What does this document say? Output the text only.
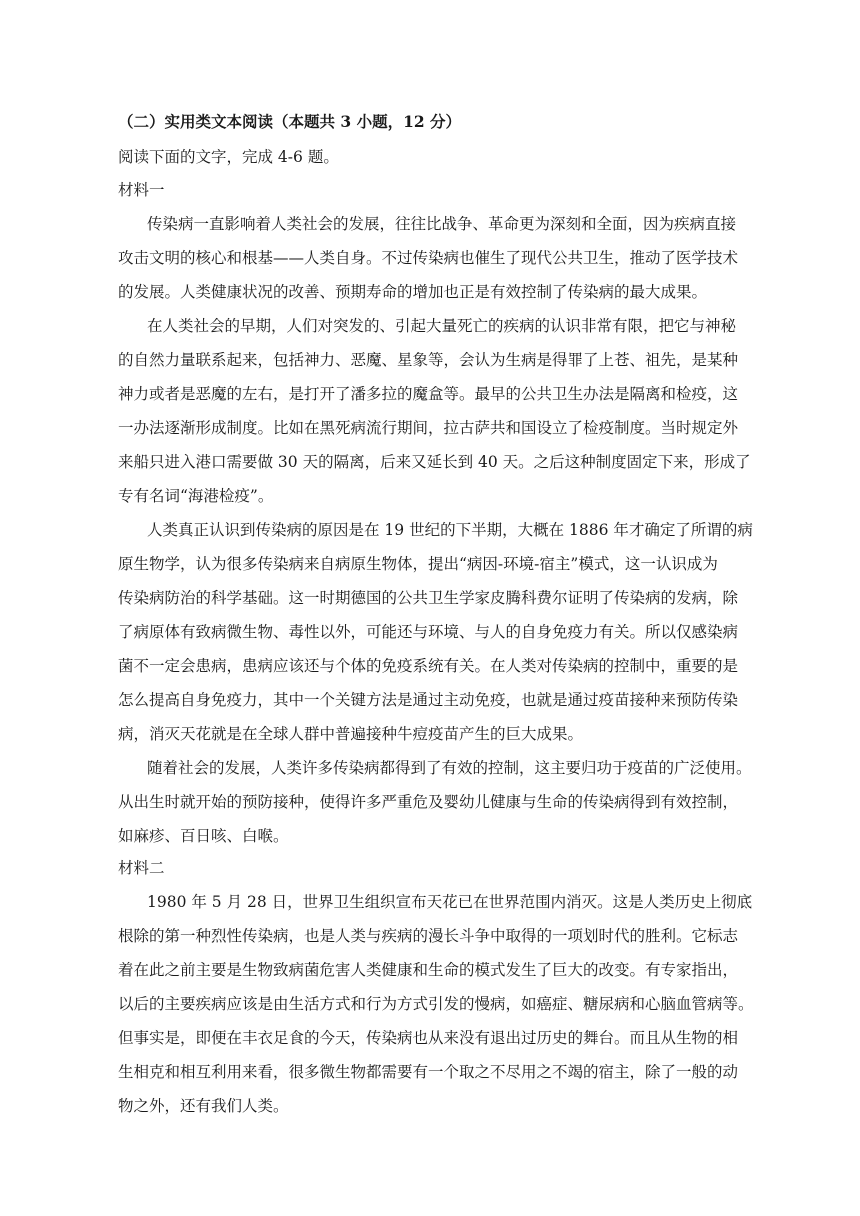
（二）实用类文本阅读（本题共 3 小题，12 分）
阅读下面的文字，完成 4-6 题。
材料一
传染病一直影响着人类社会的发展，往往比战争、革命更为深刻和全面，因为疾病直接
攻击文明的核心和根基——人类自身。不过传染病也催生了现代公共卫生，推动了医学技术
的发展。人类健康状况的改善、预期寿命的增加也正是有效控制了传染病的最大成果。
在人类社会的早期，人们对突发的、引起大量死亡的疾病的认识非常有限，把它与神秘
的自然力量联系起来，包括神力、恶魔、星象等，会认为生病是得罪了上苍、祖先，是某种
神力或者是恶魔的左右，是打开了潘多拉的魔盒等。最早的公共卫生办法是隔离和检疫，这
一办法逐渐形成制度。比如在黑死病流行期间，拉古萨共和国设立了检疫制度。当时规定外
来船只进入港口需要做 30 天的隔离，后来又延长到 40 天。之后这种制度固定下来，形成了
专有名词“海港检疫”。
人类真正认识到传染病的原因是在 19 世纪的下半期，大概在 1886 年才确定了所谓的病
原生物学，认为很多传染病来自病原生物体，提出“病因-环境-宿主”模式，这一认识成为
传染病防治的科学基础。这一时期德国的公共卫生学家皮腾科费尔证明了传染病的发病，除
了病原体有致病微生物、毒性以外，可能还与环境、与人的自身免疫力有关。所以仅感染病
菌不一定会患病，患病应该还与个体的免疫系统有关。在人类对传染病的控制中，重要的是
怎么提高自身免疫力，其中一个关键方法是通过主动免疫，也就是通过疫苗接种来预防传染
病，消灭天花就是在全球人群中普遍接种牛痘疫苗产生的巨大成果。
随着社会的发展，人类许多传染病都得到了有效的控制，这主要归功于疫苗的广泛使用。
从出生时就开始的预防接种，使得许多严重危及婴幼儿健康与生命的传染病得到有效控制，
如麻疹、百日咳、白喉。
材料二
1980 年 5 月 28 日，世界卫生组织宣布天花已在世界范围内消灭。这是人类历史上彻底
根除的第一种烈性传染病，也是人类与疾病的漫长斗争中取得的一项划时代的胜利。它标志
着在此之前主要是生物致病菌危害人类健康和生命的模式发生了巨大的改变。有专家指出，
以后的主要疾病应该是由生活方式和行为方式引发的慢病，如癌症、糖尿病和心脑血管病等。
但事实是，即便在丰衣足食的今天，传染病也从来没有退出过历史的舞台。而且从生物的相
生相克和相互利用来看，很多微生物都需要有一个取之不尽用之不竭的宿主，除了一般的动
物之外，还有我们人类。
